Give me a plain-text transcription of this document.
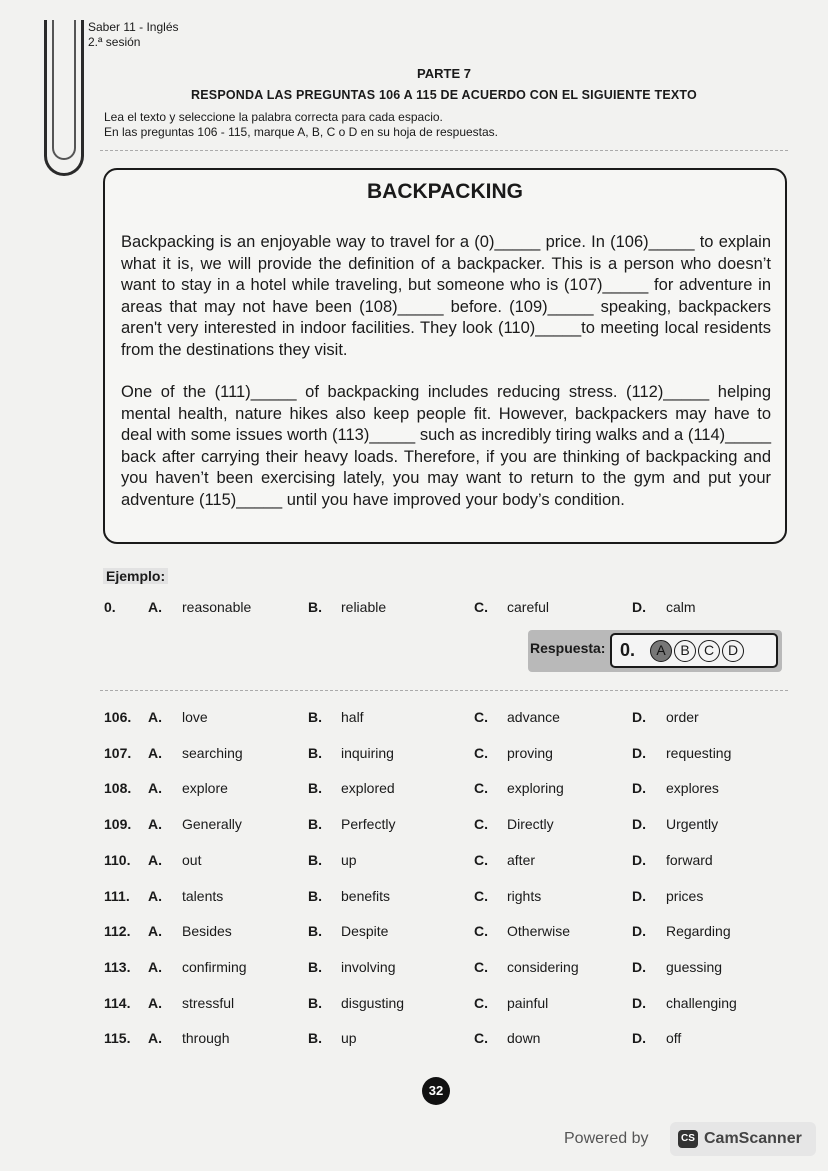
Saber 11 - Inglés
2.ª sesión
PARTE 7
RESPONDA LAS PREGUNTAS 106 A 115 DE ACUERDO CON EL SIGUIENTE TEXTO
Lea el texto y seleccione la palabra correcta para cada espacio.
En las preguntas 106 - 115, marque A, B, C o D en su hoja de respuestas.
BACKPACKING
Backpacking is an enjoyable way to travel for a (0)_____ price. In (106)_____ to explain what it is, we will provide the definition of a backpacker. This is a person who doesn’t want to stay in a hotel while traveling, but someone who is (107)_____ for adventure in areas that may not have been (108)_____ before. (109)_____ speaking, backpackers aren't very interested in indoor facilities. They look (110)_____to meeting local residents from the destinations they visit.
One of the (111)_____ of backpacking includes reducing stress. (112)_____ helping mental health, nature hikes also keep people fit. However, backpackers may have to deal with some issues worth (113)_____ such as incredibly tiring walks and a (114)_____ back after carrying their heavy loads. Therefore, if you are thinking of backpacking and you haven’t been exercising lately, you may want to return to the gym and put your adventure (115)_____ until you have improved your body’s condition.
Ejemplo:
0. A. reasonable	B. reliable	C. careful	D. calm
Respuesta: 0.	A	B	C D
106. A. love	B. half	C. advance	D. order
107. A. searching	B. inquiring	C. proving	D. requesting
108. A. explore	B. explored	C. exploring	D. explores
109. A. Generally	B. Perfectly	C. Directly	D. Urgently
110. A. out	B. up	C. after	D. forward
111. A. talents	B. benefits	C. rights	D. prices
112. A. Besides	B. Despite	C. Otherwise	D. Regarding
113. A. confirming	B. involving	C. considering	D. guessing
114. A. stressful	B. disgusting	C. painful	D. challenging
115. A. through	B. up	C. down	D. off
32
Powered by	CS CamScanner
